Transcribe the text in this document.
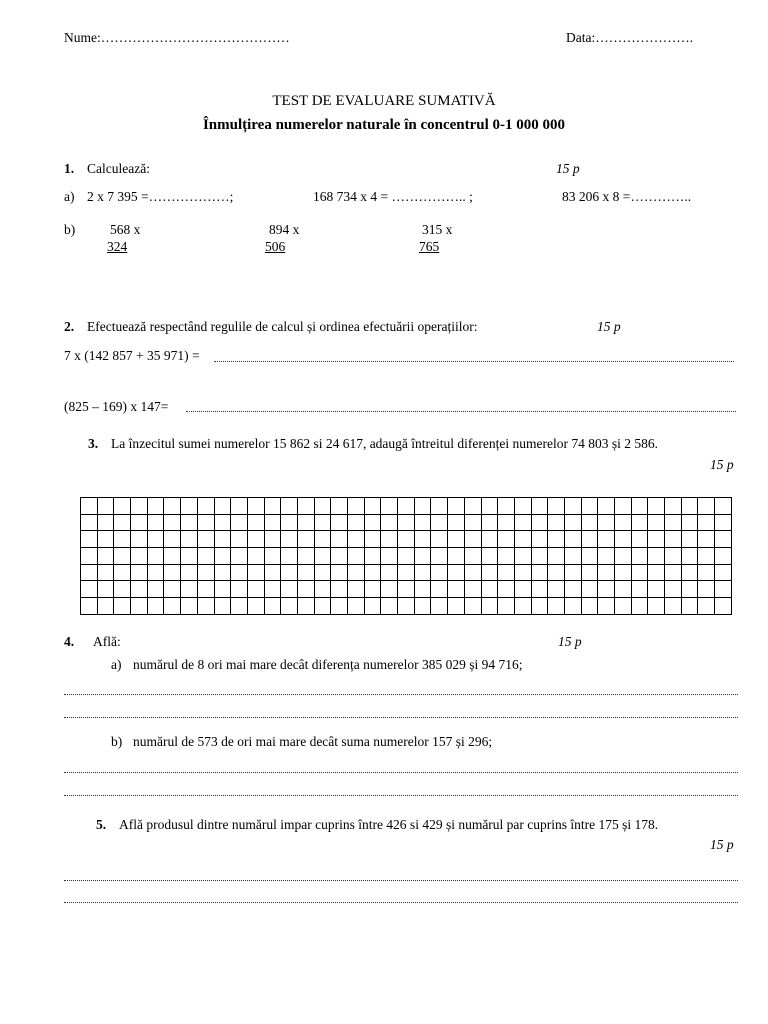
Nume:……………………………………	Data:………………….
TEST DE EVALUARE SUMATIVĂ
Înmulțirea numerelor naturale în concentrul 0-1 000 000
1. Calculează:	15 p
a) 2 x 7 395 =………………;	168 734 x 4 = …………….. ;	83 206 x 8 =…………..
b)	568 x
324
894 x
506
315 x
765
2. Efectuează respectând regulile de calcul și ordinea efectuării operațiilor:	15 p
7 x (142 857 + 35 971) =
(825 – 169) x 147=
3. La înzecitul sumei numerelor 15 862 si 24 617, adaugă întreitul diferenței numerelor 74 803 și 2 586.
15 p

4. Află:	15 p
a) numărul de 8 ori mai mare decât diferența numerelor 385 029 și 94 716;
b) numărul de 573 de ori mai mare decât suma numerelor 157 și 296;
5. Află produsul dintre numărul impar cuprins între 426 si 429 și numărul par cuprins între 175 și 178.
15 p
